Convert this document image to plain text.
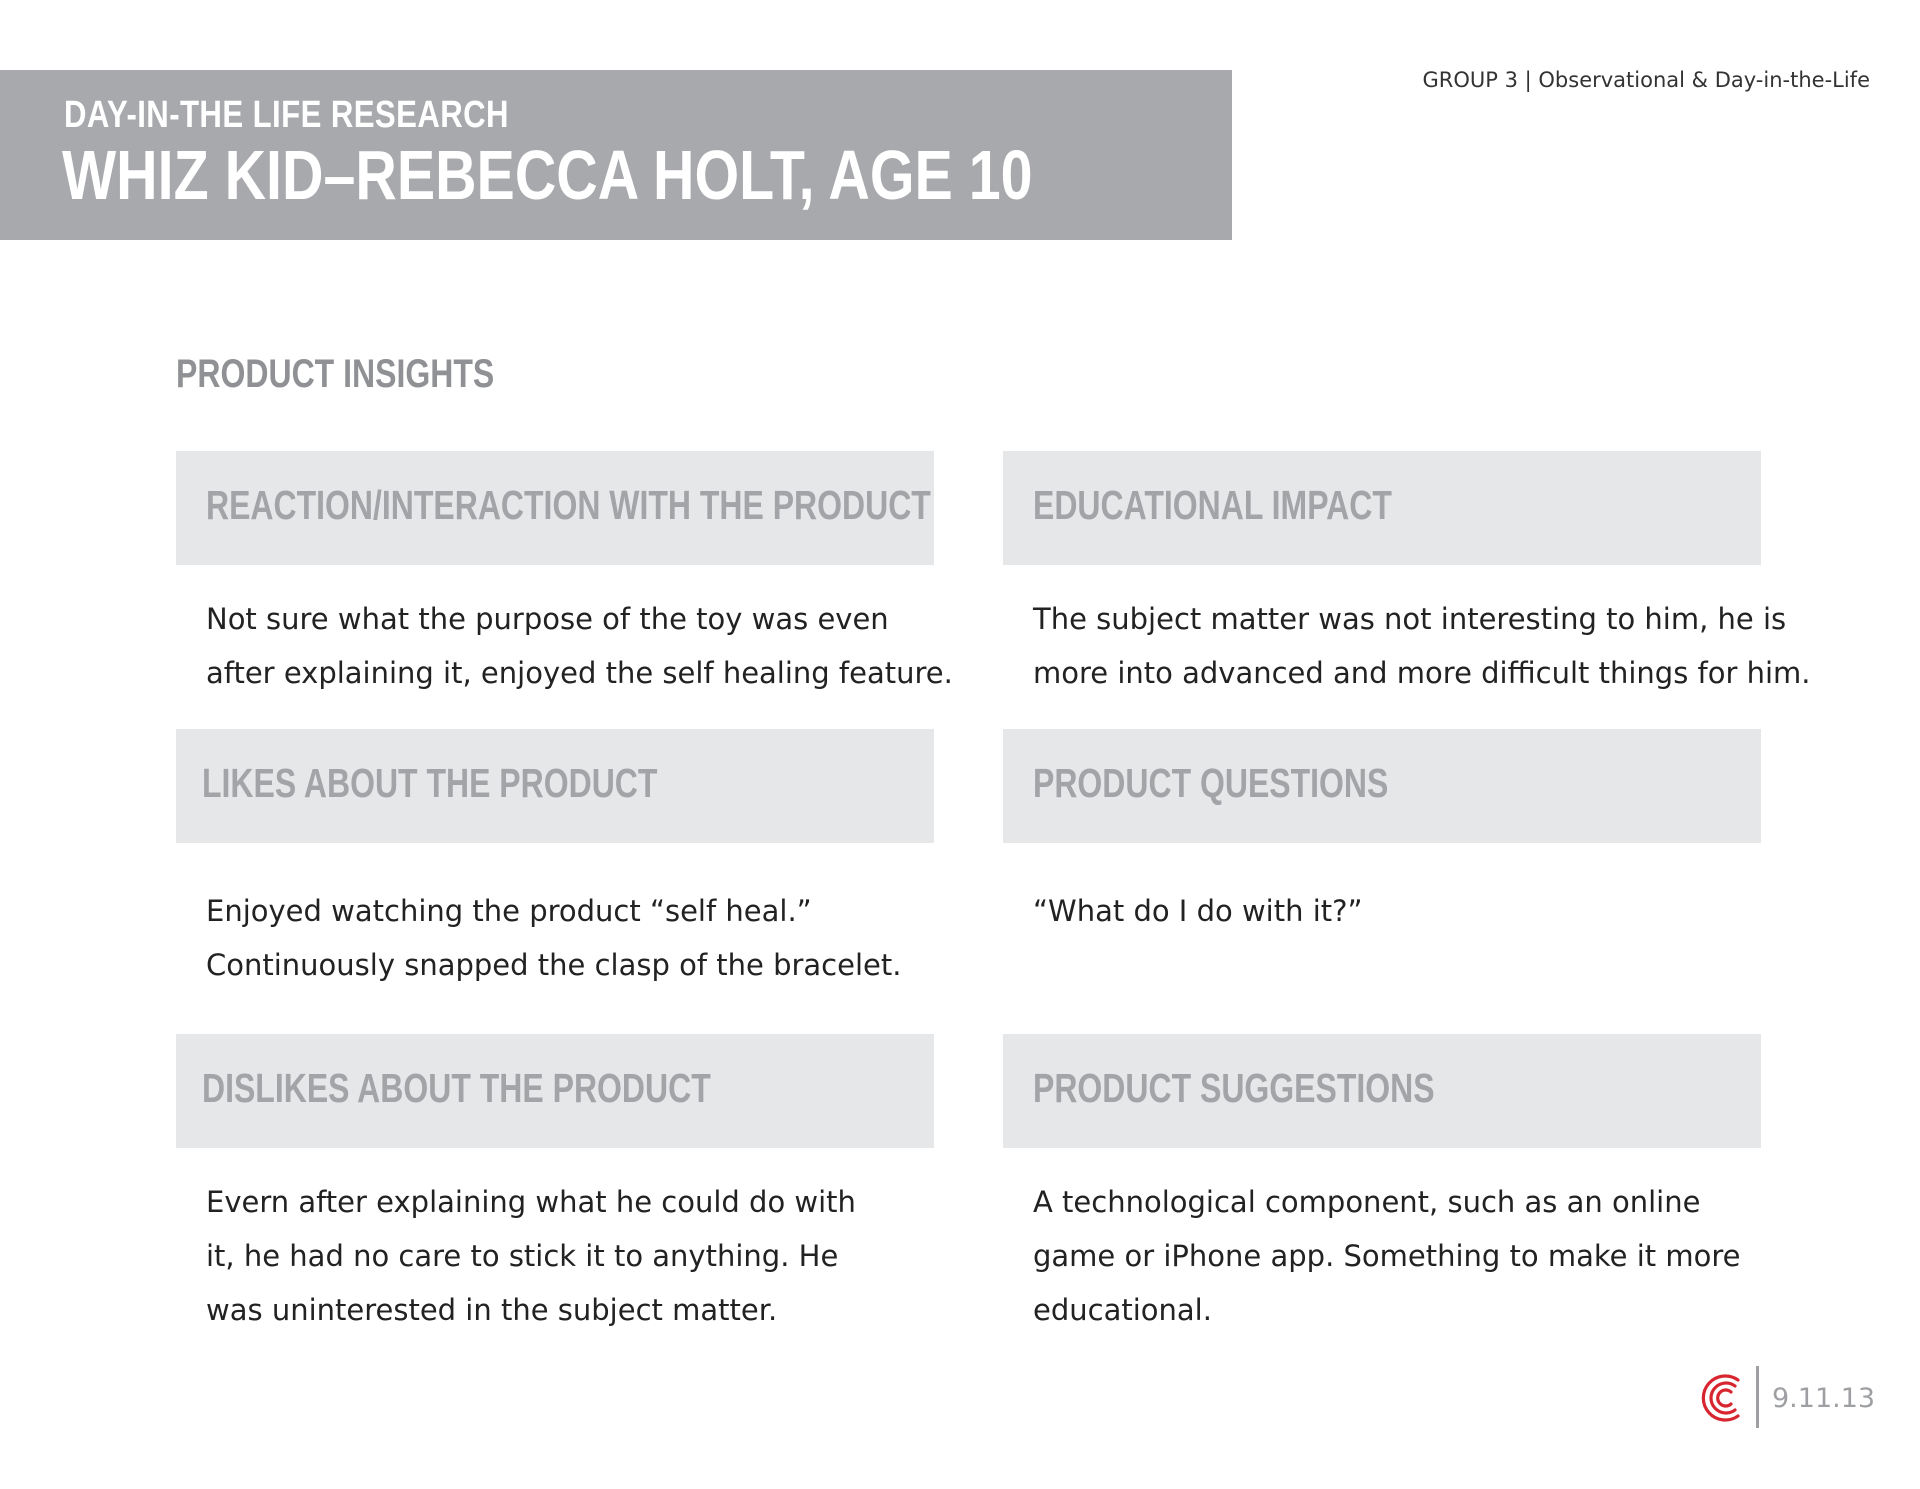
DAY-IN-THE LIFE RESEARCH
WHIZ KID–REBECCA HOLT, AGE 10
GROUP 3 | Observational & Day-in-the-Life
PRODUCT INSIGHTS
REACTION/INTERACTION WITH THE PRODUCT
Not sure what the purpose of the toy was even
after explaining it, enjoyed the self healing feature.
EDUCATIONAL IMPACT
The subject matter was not interesting to him, he is
more into advanced and more difficult things for him.
LIKES ABOUT THE PRODUCT
Enjoyed watching the product “self heal.”
Continuously snapped the clasp of the bracelet.
PRODUCT QUESTIONS
“What do I do with it?”
DISLIKES ABOUT THE PRODUCT
Evern after explaining what he could do with
it, he had no care to stick it to anything. He
was uninterested in the subject matter.
PRODUCT SUGGESTIONS
A technological component, such as an online
game or iPhone app. Something to make it more
educational.
9.11.13
